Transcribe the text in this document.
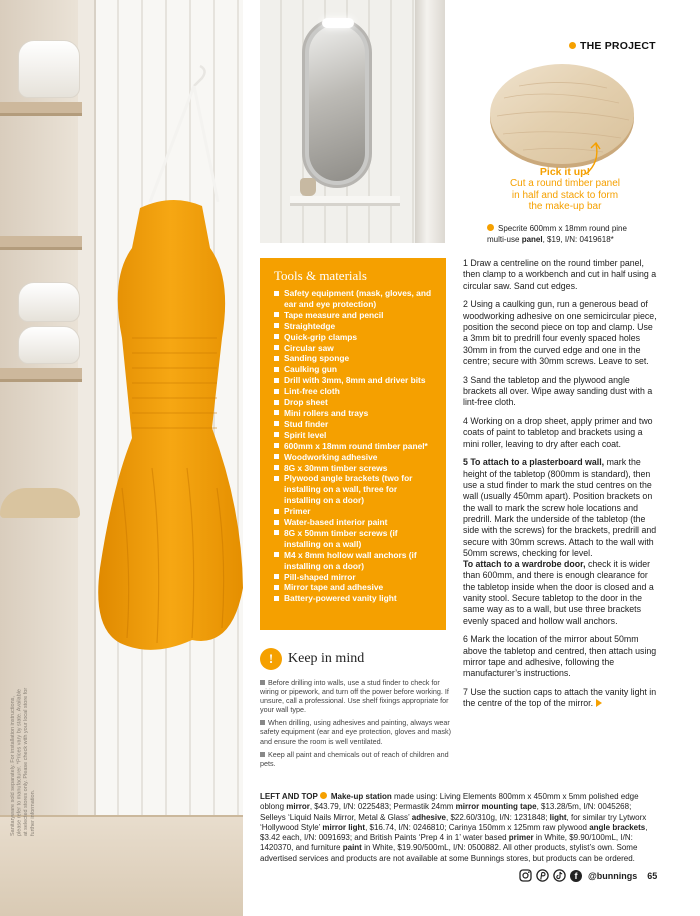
Sanitaryware sold separately. For installation instructions, please refer to manufacturer. *Prices vary by state. Available at selected stores only. Please check with your local store for further information.
THE PROJECT
Pick it up!
Cut a round timber panel
in half and stack to form
the make-up bar
Specrite 600mm x 18mm round pine
multi-use panel, $19, I/N: 0419618*
Tools & materials
Safety equipment (mask, gloves, and ear and eye protection)
Tape measure and pencil
Straightedge
Quick-grip clamps
Circular saw
Sanding sponge
Caulking gun
Drill with 3mm, 8mm and driver bits
Lint-free cloth
Drop sheet
Mini rollers and trays
Stud finder
Spirit level
600mm x 18mm round timber panel*
Woodworking adhesive
8G x 30mm timber screws
Plywood angle brackets (two for installing on a wall, three for installing on a door)
Primer
Water-based interior paint
8G x 50mm timber screws (if installing on a wall)
M4 x 8mm hollow wall anchors (if installing on a door)
Pill-shaped mirror
Mirror tape and adhesive
Battery-powered vanity light
!	Keep in mind

Before drilling into walls, use a stud finder to check for wiring or pipework, and turn off the power before working. If unsure, call a professional. Use shelf fixings appropriate for your wall type.

When drilling, using adhesives and painting, always wear safety equipment (ear and eye protection, gloves and mask) and ensure the room is well ventilated.

Keep all paint and chemicals out of reach of children and pets.

1 Draw a centreline on the round timber panel, then clamp to a workbench and cut in half using a circular saw. Sand cut edges.

2 Using a caulking gun, run a generous bead of woodworking adhesive on one semicircular piece, position the second piece on top and clamp. Use a 3mm bit to predrill four evenly spaced holes 30mm in from the curved edge and one in the centre; secure with 30mm screws. Leave to set.

3 Sand the tabletop and the plywood angle brackets all over. Wipe away sanding dust with a lint-free cloth.

4 Working on a drop sheet, apply primer and two coats of paint to tabletop and brackets using a mini roller, leaving to dry after each coat.

5 To attach to a plasterboard wall, mark the height of the tabletop (800mm is standard), then use a stud finder to mark the stud centres on the wall (usually 450mm apart). Position brackets on the wall to mark the screw hole locations and predrill. Mark the underside of the tabletop (the side with the screws) for the brackets, predrill and secure with 30mm screws. Attach to the wall with 50mm screws, checking for level.

To attach to a wardrobe door, check it is wider than 600mm, and there is enough clearance for the tabletop inside when the door is closed and a vanity stool. Secure tabletop to the door in the same way as to a wall, but use three brackets evenly spaced and hollow wall anchors.

6 Mark the location of the mirror about 50mm above the tabletop and centred, then attach using mirror tape and adhesive, following the manufacturer’s instructions.

7 Use the suction caps to attach the vanity light in the centre of the top of the mirror.

LEFT AND TOP Make-up station made using: Living Elements 800mm x 450mm x 5mm polished edge oblong mirror, $43.79, I/N: 0225483; Permastik 24mm mirror mounting tape, $13.28/5m, I/N: 0045268; Selleys ‘Liquid Nails Mirror, Metal & Glass’ adhesive, $22.60/310g, I/N: 1231848; light, for similar try Lytworx ‘Hollywood Style’ mirror light, $16.74, I/N: 0246810; Carinya 150mm x 125mm raw plywood angle brackets, $3.42 each, I/N: 0091693; and British Paints ‘Prep 4 in 1’ water based primer in White, $9.90/100mL, I/N: 1420370, and furniture paint in White, $19.90/500mL, I/N: 0500882. All other products, stylist’s own. Some advertised services and products are not available at some Bunnings stores, but products can be ordered.
f	@bunnings 65
